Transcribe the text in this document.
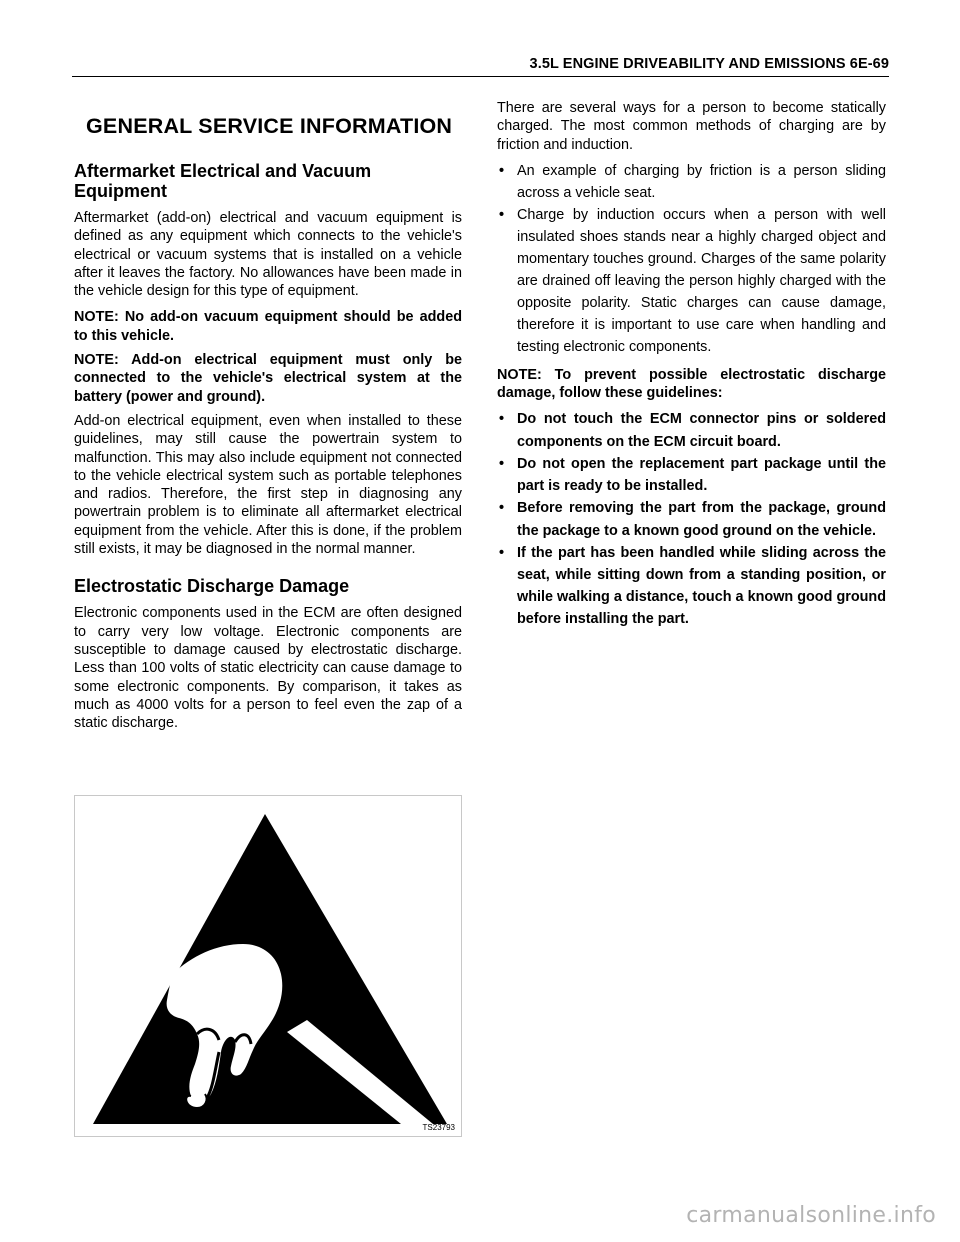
3.5L ENGINE DRIVEABILITY AND EMISSIONS 6E-69
GENERAL SERVICE INFORMATION
Aftermarket Electrical and Vacuum Equipment

Aftermarket (add-on) electrical and vacuum equipment is defined as any equipment which connects to the vehicle's electrical or vacuum systems that is installed on a vehicle after it leaves the factory. No allowances have been made in the vehicle design for this type of equipment.

NOTE: No add-on vacuum equipment should be added to this vehicle.

NOTE: Add-on electrical equipment must only be connected to the vehicle's electrical system at the battery (power and ground).

Add-on electrical equipment, even when installed to these guidelines, may still cause the powertrain system to malfunction. This may also include equipment not connected to the vehicle electrical system such as portable telephones and radios. Therefore, the first step in diagnosing any powertrain problem is to eliminate all aftermarket electrical equipment from the vehicle. After this is done, if the problem still exists, it may be diagnosed in the normal manner.

Electrostatic Discharge Damage

Electronic components used in the ECM are often designed to carry very low voltage. Electronic components are susceptible to damage caused by electrostatic discharge. Less than 100 volts of static electricity can cause damage to some electronic components. By comparison, it takes as much as 4000 volts for a person to feel even the zap of a static discharge.

TS23793

There are several ways for a person to become statically charged. The most common methods of charging are by friction and induction.

• An example of charging by friction is a person sliding across a vehicle seat.
• Charge by induction occurs when a person with well insulated shoes stands near a highly charged object and momentary touches ground. Charges of the same polarity are drained off leaving the person highly charged with the opposite polarity. Static charges can cause damage, therefore it is important to use care when handling and testing electronic components.

NOTE: To prevent possible electrostatic discharge damage, follow these guidelines:

• Do not touch the ECM connector pins or soldered components on the ECM circuit board.
• Do not open the replacement part package until the part is ready to be installed.
• Before removing the part from the package, ground the package to a known good ground on the vehicle.
• If the part has been handled while sliding across the seat, while sitting down from a standing position, or while walking a distance, touch a known good ground before installing the part.
carmanualsonline.info
